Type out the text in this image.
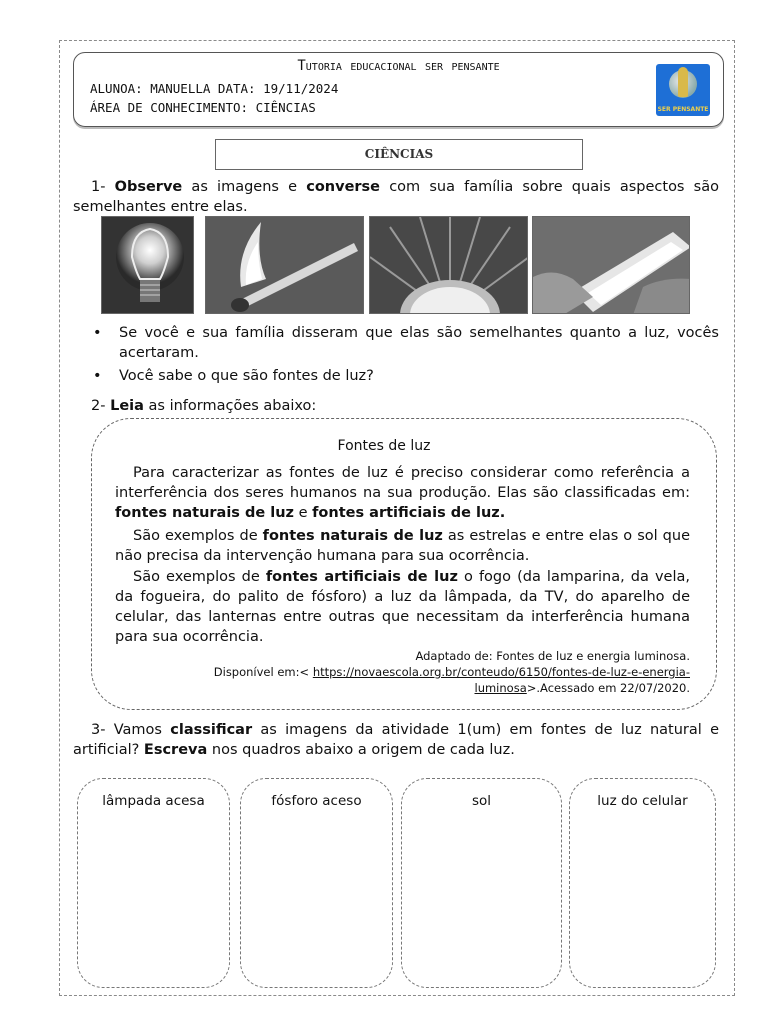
Tutoria educacional ser pensante
ALUNOA: MANUELLA DATA: 19/11/2024
ÁREA DE CONHECIMENTO: CIÊNCIAS	SER PENSANTE
CIÊNCIAS
1- Observe as imagens e converse com sua família sobre quais aspectos são semelhantes entre elas.
• Se você e sua família disseram que elas são semelhantes quanto a luz, vocês acertaram.
• Você sabe o que são fontes de luz?
2- Leia as informações abaixo:
Fontes de luz
Para caracterizar as fontes de luz é preciso considerar como referência a interferência dos seres humanos na sua produção. Elas são classificadas em: fontes naturais de luz e fontes artificiais de luz.
São exemplos de fontes naturais de luz as estrelas e entre elas o sol que não precisa da intervenção humana para sua ocorrência.
São exemplos de fontes artificiais de luz o fogo (da lamparina, da vela, da fogueira, do palito de fósforo) a luz da lâmpada, da TV, do aparelho de celular, das lanternas entre outras que necessitam da interferência humana para sua ocorrência.
Adaptado de: Fontes de luz e energia luminosa.
Disponível em:< https://novaescola.org.br/conteudo/6150/fontes-de-luz-e-energia-
luminosa>.Acessado em 22/07/2020.
3- Vamos classificar as imagens da atividade 1(um) em fontes de luz natural e artificial? Escreva nos quadros abaixo a origem de cada luz.
lâmpada acesa	fósforo aceso	sol	luz do celular
